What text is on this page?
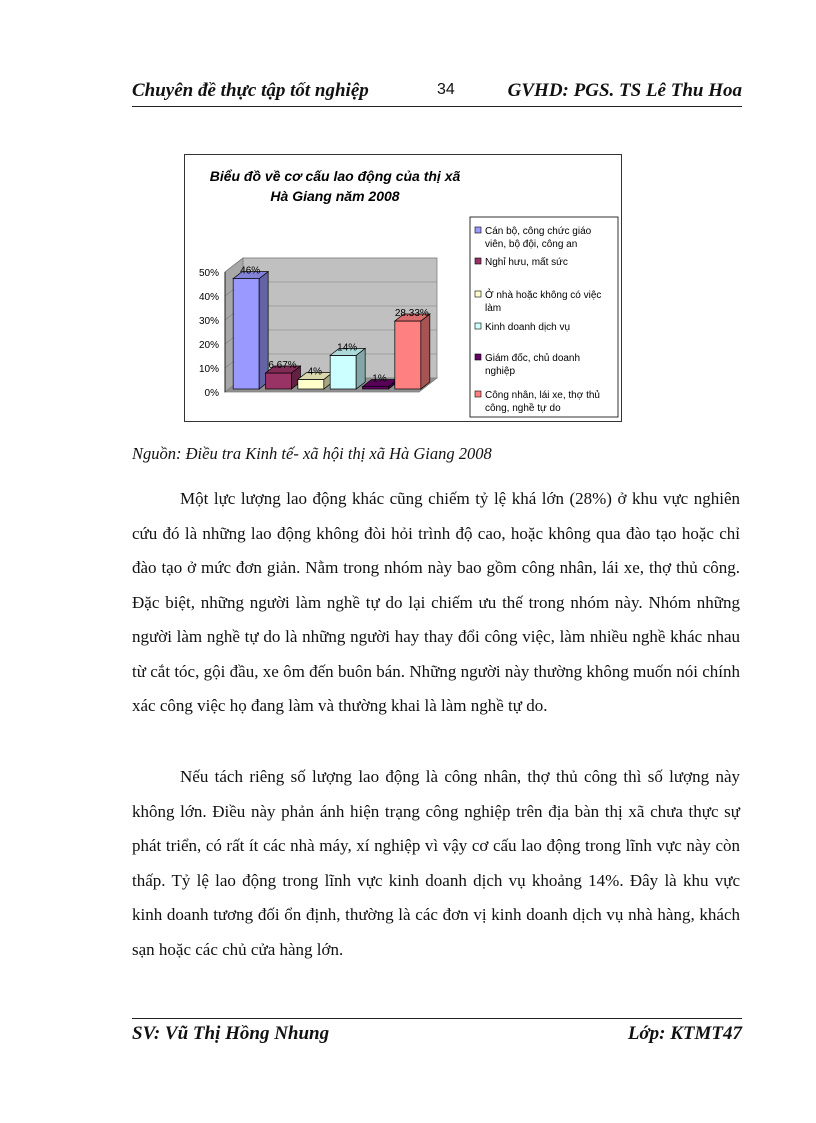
Chuyên đề thực tập tốt nghiệp	34	GVHD: PGS. TS Lê Thu Hoa
Biểu đồ về cơ cấu lao động của thị xã
Hà Giang năm 2008
0%
10%
20%
30%
40%
50% 46%
6.67%
4%
14%
1%
28.33%
Cán bộ, công chức giáo
viên, bộ đội, công an
Nghỉ hưu, mất sức
Ở nhà hoặc không có việc
làm
Kinh doanh dịch vụ
Giám đốc, chủ doanh
nghiệp
Công nhân, lái xe, thợ thủ
công, nghề tự do
Nguồn: Điều tra Kinh tế- xã hội thị xã Hà Giang 2008

Một lực lượng lao động khác cũng chiếm tỷ lệ khá lớn (28%) ở khu vực nghiên cứu đó là những lao động không đòi hỏi trình độ cao, hoặc không qua đào tạo hoặc chỉ đào tạo ở mức đơn giản. Nằm trong nhóm này bao gồm công nhân, lái xe, thợ thủ công. Đặc biệt, những người làm nghề tự do lại chiếm ưu thế trong nhóm này. Nhóm những người làm nghề tự do là những người hay thay đổi công việc, làm nhiều nghề khác nhau từ cắt tóc, gội đầu, xe ôm đến buôn bán. Những người này thường không muốn nói chính xác công việc họ đang làm và thường khai là làm nghề tự do.

Nếu tách riêng số lượng lao động là công nhân, thợ thủ công thì số lượng này không lớn. Điều này phản ánh hiện trạng công nghiệp trên địa bàn thị xã chưa thực sự phát triển, có rất ít các nhà máy, xí nghiệp vì vậy cơ cấu lao động trong lĩnh vực này còn thấp. Tỷ lệ lao động trong lĩnh vực kinh doanh dịch vụ khoảng 14%. Đây là khu vực kinh doanh tương đối ổn định, thường là các đơn vị kinh doanh dịch vụ nhà hàng, khách sạn hoặc các chủ cửa hàng lớn.

SV: Vũ Thị Hồng Nhung	Lớp: KTMT47
